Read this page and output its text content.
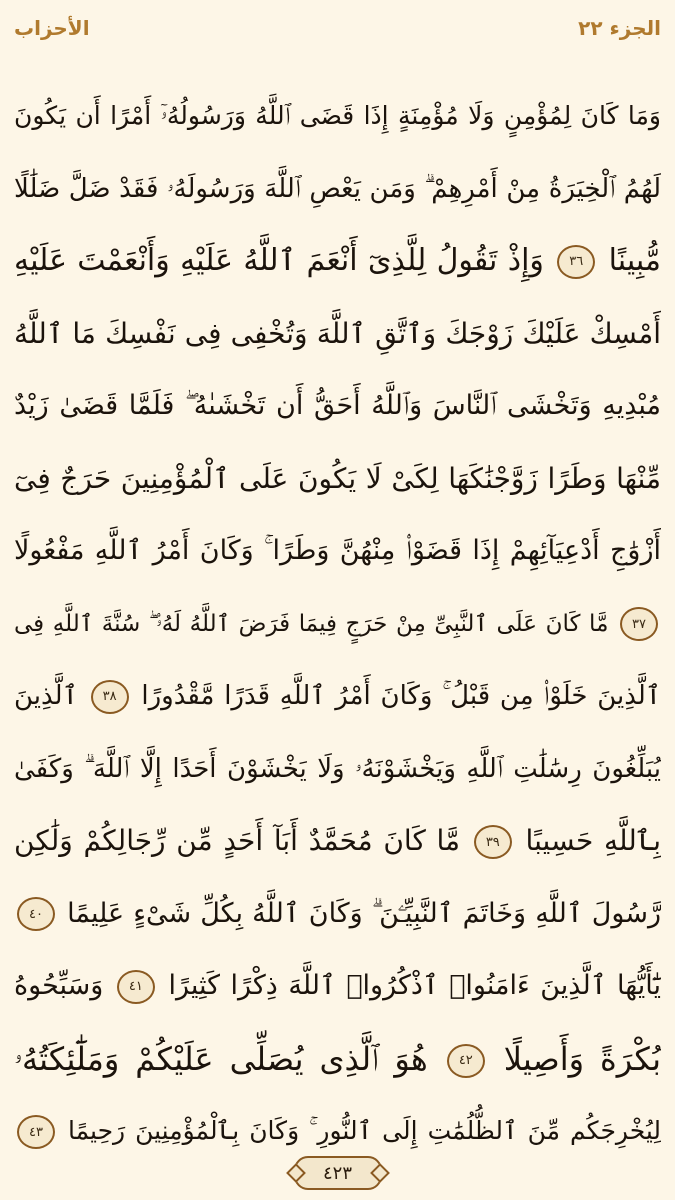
الجزء ٢٢
الأحزاب
وَمَا كَانَ لِمُؤْمِنٍ وَلَا مُؤْمِنَةٍ إِذَا قَضَى ٱللَّهُ وَرَسُولُهُۥٓ أَمْرًا أَن يَكُونَ
لَهُمُ ٱلْخِيَرَةُ مِنْ أَمْرِهِمْ ۗ وَمَن يَعْصِ ٱللَّهَ وَرَسُولَهُۥ فَقَدْ ضَلَّ ضَلَٰلًا
مُّبِينًا ٣٦ وَإِذْ تَقُولُ لِلَّذِىٓ أَنْعَمَ ٱللَّهُ عَلَيْهِ وَأَنْعَمْتَ عَلَيْهِ
أَمْسِكْ عَلَيْكَ زَوْجَكَ وَٱتَّقِ ٱللَّهَ وَتُخْفِى فِى نَفْسِكَ مَا ٱللَّهُ
مُبْدِيهِ وَتَخْشَى ٱلنَّاسَ وَٱللَّهُ أَحَقُّ أَن تَخْشَىٰهُ ۖ فَلَمَّا قَضَىٰ زَيْدٌ
مِّنْهَا وَطَرًا زَوَّجْنَٰكَهَا لِكَىْ لَا يَكُونَ عَلَى ٱلْمُؤْمِنِينَ حَرَجٌ فِىٓ
أَزْوَٰجِ أَدْعِيَآئِهِمْ إِذَا قَضَوْا۟ مِنْهُنَّ وَطَرًا ۚ وَكَانَ أَمْرُ ٱللَّهِ مَفْعُولًا
٣٧ مَّا كَانَ عَلَى ٱلنَّبِىِّ مِنْ حَرَجٍ فِيمَا فَرَضَ ٱللَّهُ لَهُۥ ۖ سُنَّةَ ٱللَّهِ فِى
ٱلَّذِينَ خَلَوْا۟ مِن قَبْلُ ۚ وَكَانَ أَمْرُ ٱللَّهِ قَدَرًا مَّقْدُورًا ٣٨ ٱلَّذِينَ
يُبَلِّغُونَ رِسَٰلَٰتِ ٱللَّهِ وَيَخْشَوْنَهُۥ وَلَا يَخْشَوْنَ أَحَدًا إِلَّا ٱللَّهَ ۗ وَكَفَىٰ
بِٱللَّهِ حَسِيبًا ٣٩ مَّا كَانَ مُحَمَّدٌ أَبَآ أَحَدٍ مِّن رِّجَالِكُمْ وَلَٰكِن
رَّسُولَ ٱللَّهِ وَخَاتَمَ ٱلنَّبِيِّـۧنَ ۗ وَكَانَ ٱللَّهُ بِكُلِّ شَىْءٍ عَلِيمًا ٤٠
يَٰٓأَيُّهَا ٱلَّذِينَ ءَامَنُوا۟ ٱذْكُرُوا۟ ٱللَّهَ ذِكْرًا كَثِيرًا ٤١ وَسَبِّحُوهُ
بُكْرَةً وَأَصِيلًا ٤٢ هُوَ ٱلَّذِى يُصَلِّى عَلَيْكُمْ وَمَلَٰٓئِكَتُهُۥ
لِيُخْرِجَكُم مِّنَ ٱلظُّلُمَٰتِ إِلَى ٱلنُّورِ ۚ وَكَانَ بِٱلْمُؤْمِنِينَ رَحِيمًا ٤٣
٤٢٣
